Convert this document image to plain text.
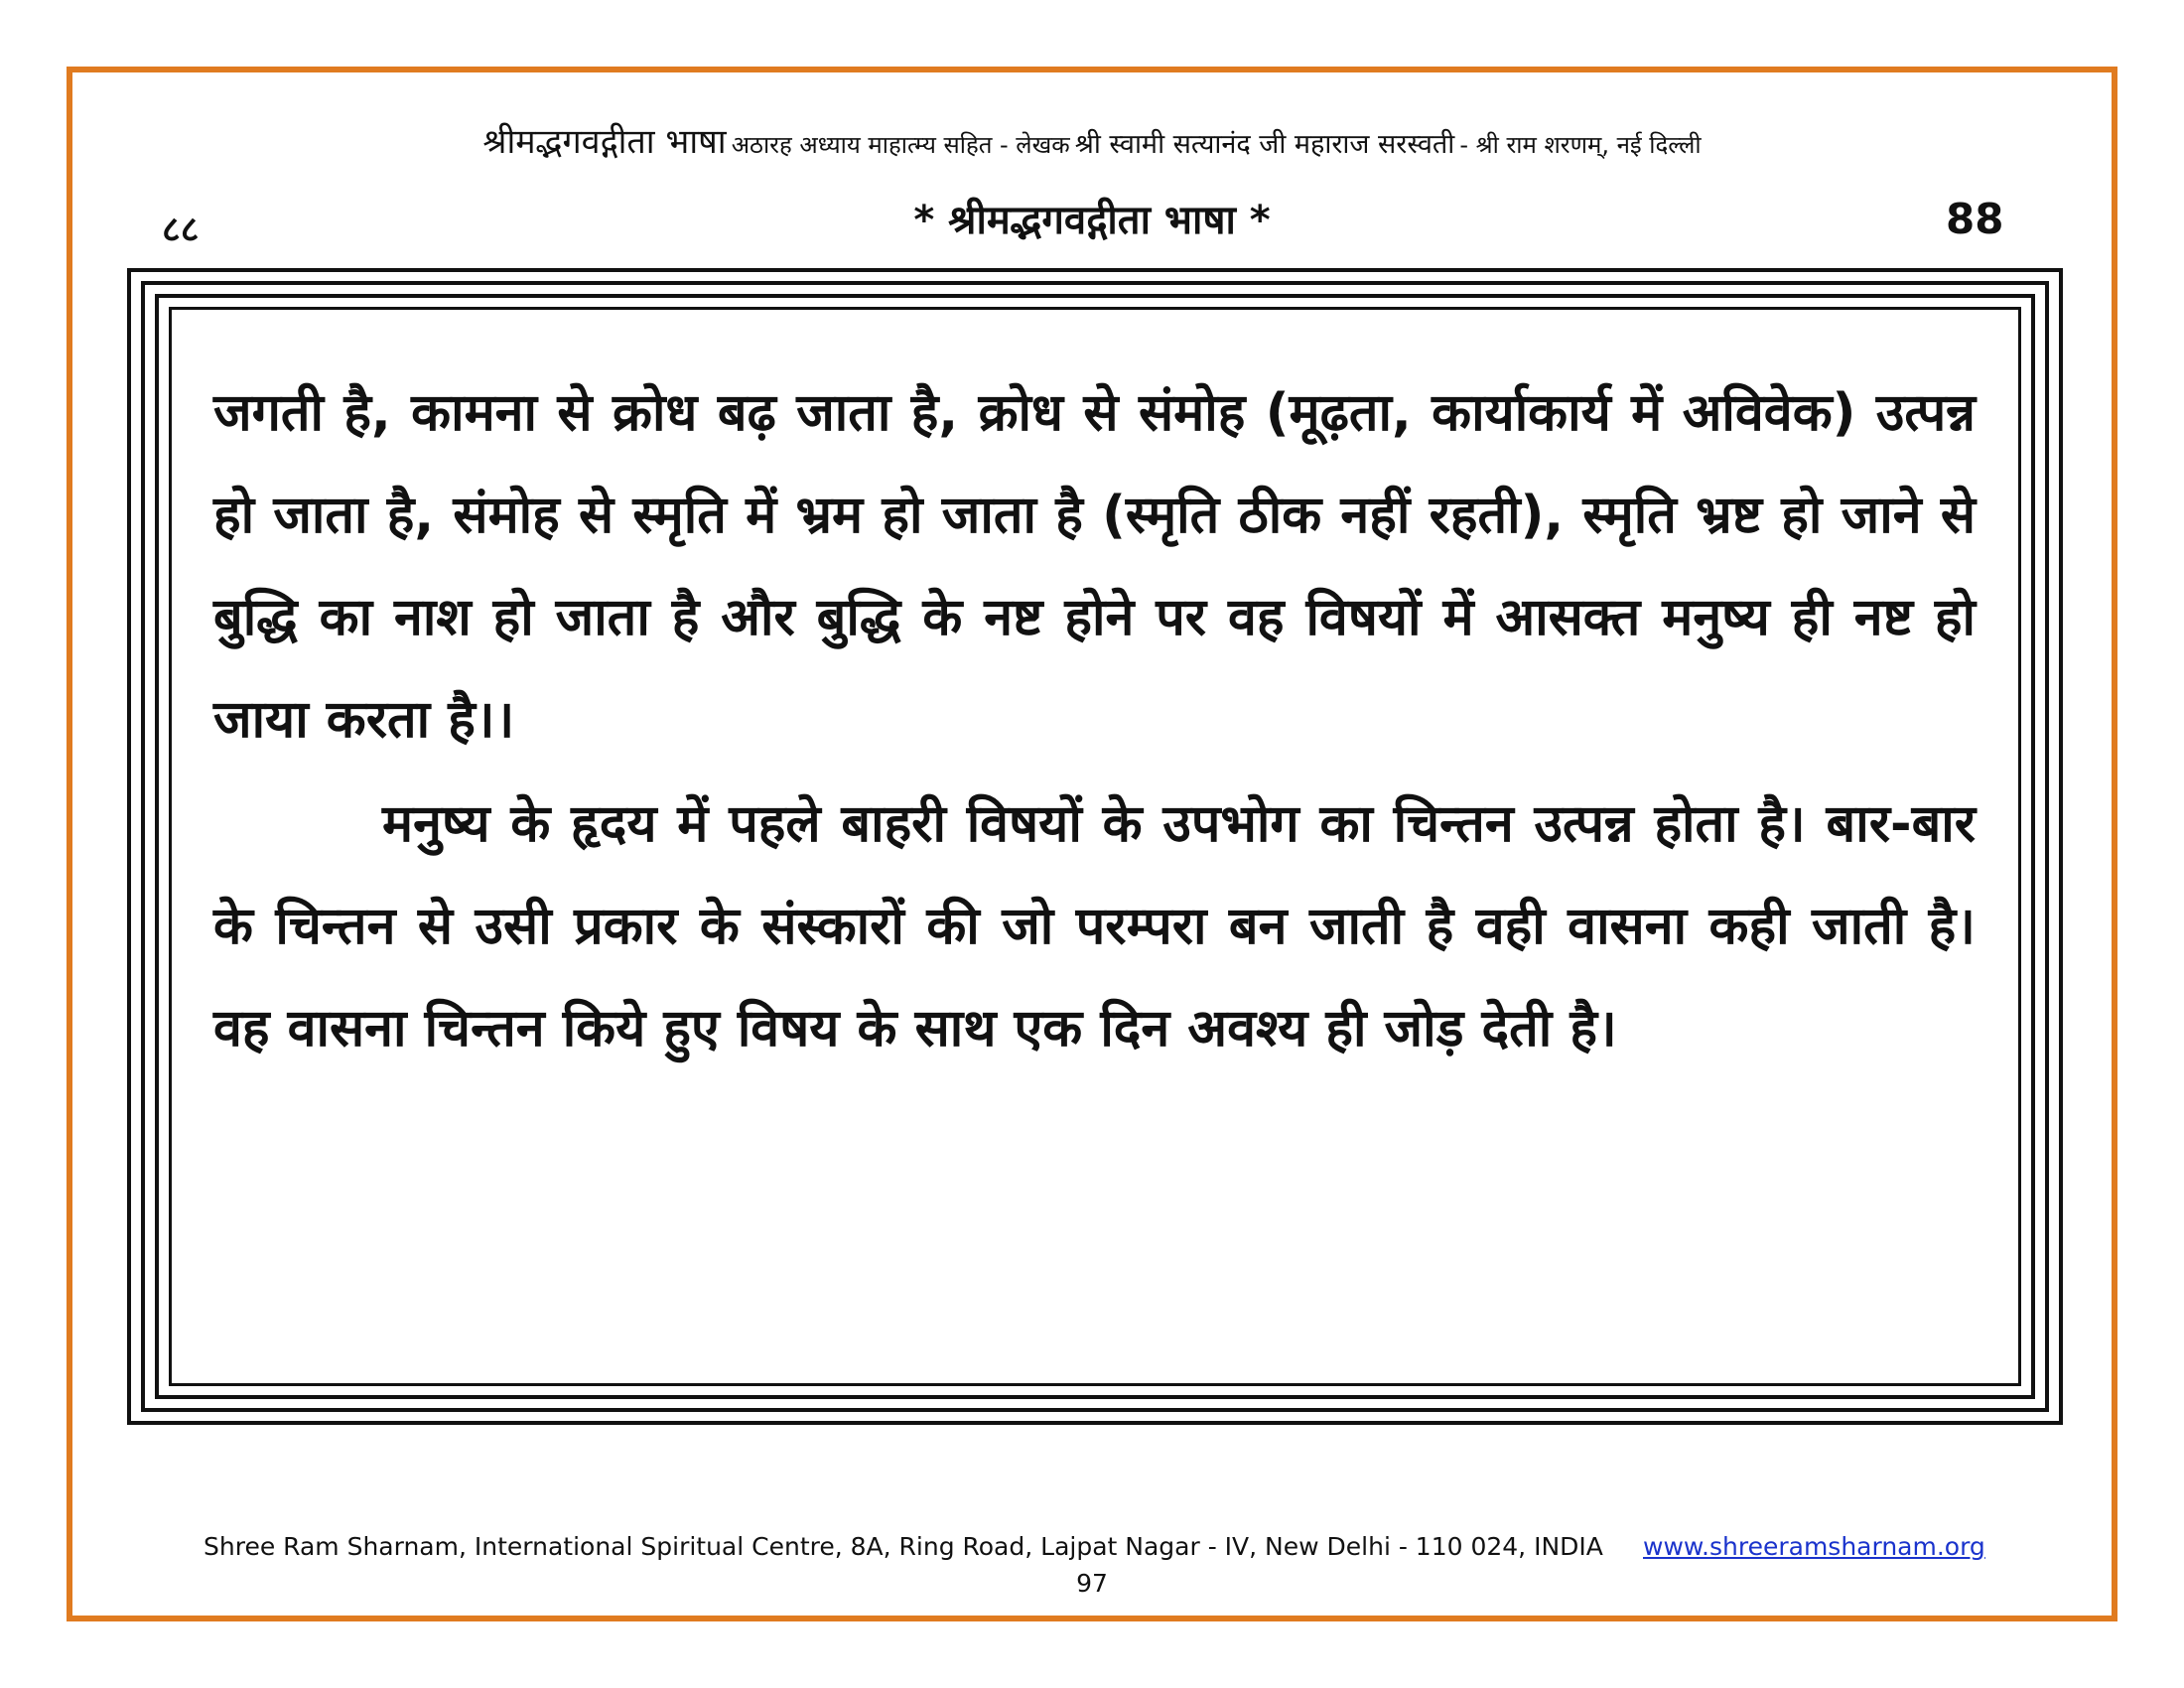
श्रीमद्भगवद्गीता भाषा अठारह अध्याय माहात्म्य सहित - लेखक श्री स्वामी सत्यानंद जी महाराज सरस्वती - श्री राम शरणम्, नई दिल्ली
८८	* श्रीमद्भगवद्गीता भाषा *	88

जगती है, कामना से क्रोध बढ़ जाता है, क्रोध से संमोह (मूढ़ता, कार्याकार्य में अविवेक) उत्पन्न हो जाता है, संमोह से स्मृति में भ्रम हो जाता है (स्मृति ठीक नहीं रहती), स्मृति भ्रष्ट हो जाने से बुद्धि का नाश हो जाता है और बुद्धि के नष्ट होने पर वह विषयों में आसक्त मनुष्य ही नष्ट हो जाया करता है।।

मनुष्य के हृदय में पहले बाहरी विषयों के उपभोग का चिन्तन उत्पन्न होता है। बार-बार के चिन्तन से उसी प्रकार के संस्कारों की जो परम्परा बन जाती है वही वासना कही जाती है। वह वासना चिन्तन किये हुए विषय के साथ एक दिन अवश्य ही जोड़ देती है।

Shree Ram Sharnam, International Spiritual Centre, 8A, Ring Road, Lajpat Nagar - IV, New Delhi - 110 024, INDIA www.shreeramsharnam.org
97
